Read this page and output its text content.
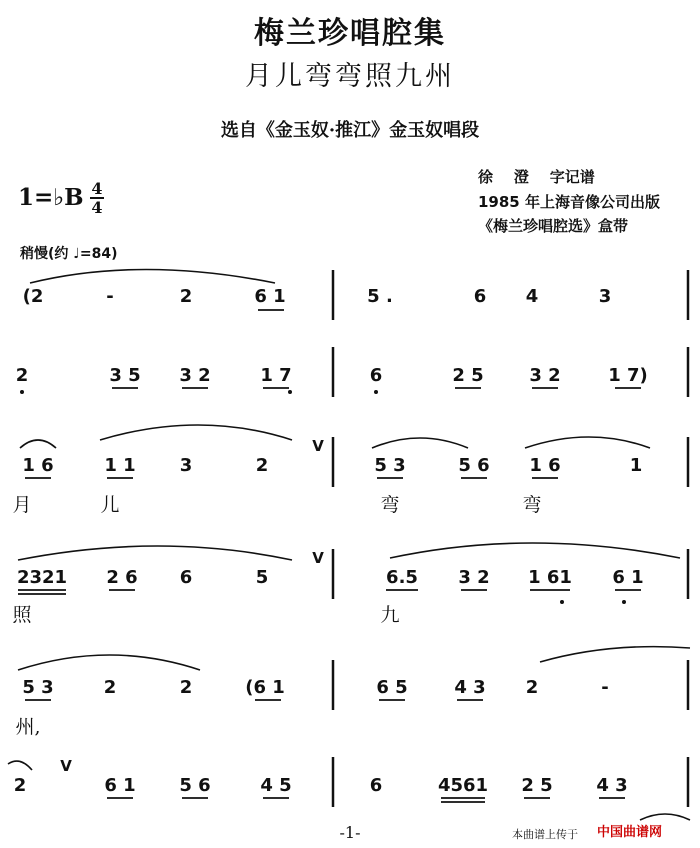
梅兰珍唱腔集
月儿弯弯照九州
选自《金玉奴·推江》金玉奴唱段
徐    澄    字记谱
1985 年上海音像公司出版
《梅兰珍唱腔选》盒带
1=♭B 4
4
稍慢(约 ♩=84)
(2	-	2	6 1	5 .	6 4	3
2	3 5 3 2	1 7	6	2 5	3 2	1 7)
1 6	1 1 3	2
V
5 3	5 6 1 6	1
月	儿	弯	弯
2321 2 6 6	5
V
6.5 3 2 1 61 6 1
照	九
5 3	2	2	(6 1	6 5	4 3 2	-
州,
2
V
6 1 5 6	4 5	6	4561 2 5 4 3
-1-	本曲谱上传于 中国曲谱网
